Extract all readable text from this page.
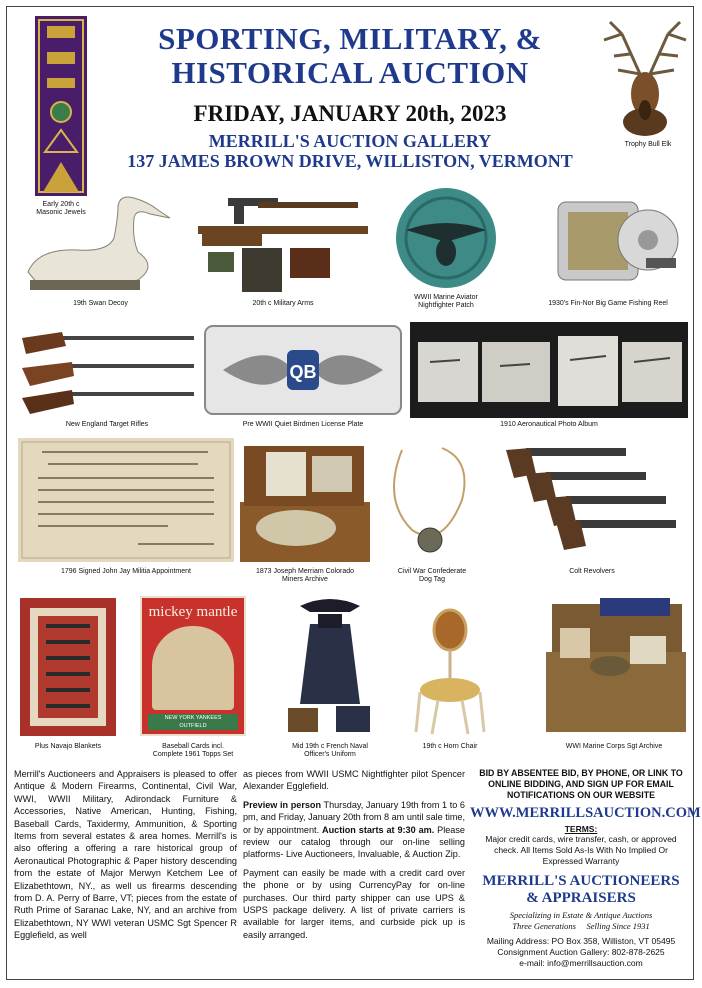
SPORTING, MILITARY, &
HISTORICAL AUCTION
FRIDAY, JANUARY 20th, 2023
MERRILL'S AUCTION GALLERY
137 JAMES BROWN DRIVE, WILLISTON, VERMONT
Early 20th c
Masonic Jewels
Trophy Bull Elk
19th Swan Decoy	20th c Military Arms
WWII Marine Aviator
Nightfighter Patch	1930's Fin-Nor Big Game Fishing Reel
New England Target Rifles
QB
Pre WWII Quiet Birdmen License Plate	1910 Aeronautical Photo Album
1796 Signed John Jay Militia Appointment	1873 Joseph Merriam Colorado
Miners Archive
Civil War Confederate
Dog Tag
Colt Revolvers
Plus Navajo Blankets
mickey mantle
NEW YORK YANKEES
OUTFIELD
Baseball Cards incl.
Complete 1961 Topps Set
Mid 19th c French Naval
Officer's Uniform
19th c Horn Chair	WWI Marine Corps Sgt Archive
Merrill's Auctioneers and Appraisers is pleased to offer Antique & Modern Firearms, Continental, Civil War, WWI, WWII Military, Adirondack Furniture & Accessories, Native American, Hunting, Fishing, Baseball Cards, Taxidermy, Ammunition, & Sporting Items from several estates & area homes. Merrill's is also offering a offering a rare historical group of Aeronautical Photographic & Paper history descending from the estate of Major Merwyn Ketchem Lee of Elizabethtown, NY., as well us firearms descending from D. A. Perry of Barre, VT; pieces from the estate of Ruth Prime of Saranac Lake, NY, and an archive from Elizabethtown, NY WWI veteran USMC Sgt Spencer R Egglefield, as well
as pieces from WWII USMC Nightfighter pilot Spencer Alexander Egglefield.
Preview in person Thursday, January 19th from 1 to 6 pm, and Friday, January 20th from 8 am until sale time, or by appointment. Auction starts at 9:30 am. Please review our catalog through our on-line selling platforms- Live Auctioneers, Invaluable, & Auction Zip.
Payment can easily be made with a credit card over the phone or by using CurrencyPay for on-line purchases. Our third party shipper can use UPS & USPS package delivery. A list of private carriers is available for larger items, and curbside pick up is easily arranged.
BID BY ABSENTEE BID, BY PHONE, OR LINK TO ONLINE BIDDING, AND SIGN UP FOR EMAIL NOTIFICATIONS ON OUR WEBSITE
WWW.MERRILLSAUCTION.COM
TERMS:
Major credit cards, wire transfer, cash, or approved check. All Items Sold As-Is With No Implied Or Expressed Warranty
MERRILL'S AUCTIONEERS
& APPRAISERS
Specializing in Estate & Antique Auctions
Three Generations     Selling Since 1931
Mailing Address: PO Box 358, Williston, VT 05495
Consignment Auction Gallery: 802-878-2625
e-mail: info@merrillsauction.com
